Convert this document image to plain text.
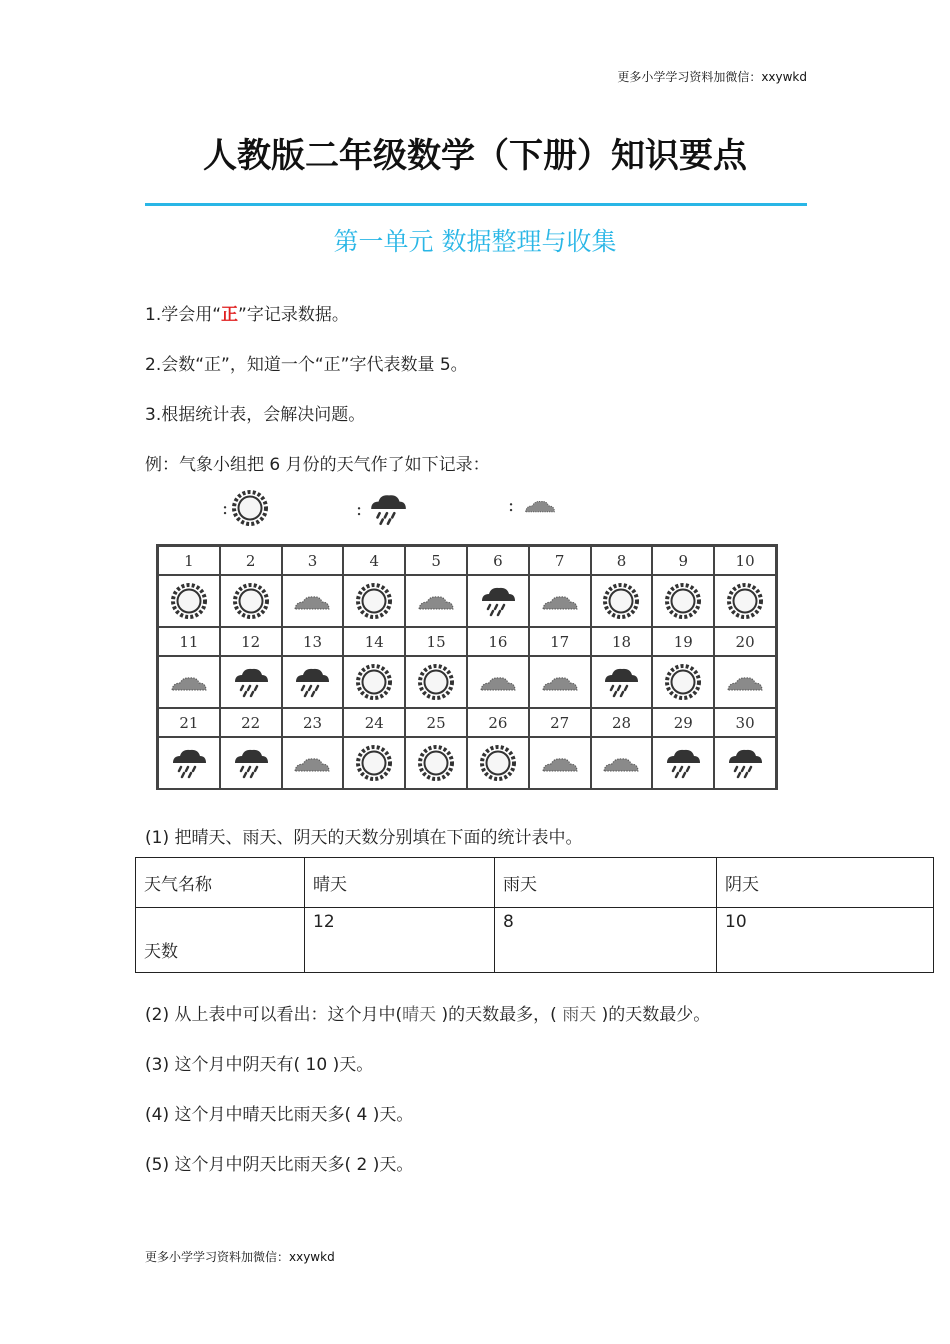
更多小学学习资料加微信：xxywkd
人教版二年级数学（下册）知识要点
第一单元 数据整理与收集
1.学会用“正”字记录数据。
2.会数“正”，知道一个“正”字代表数量 5。
3.根据统计表，会解决问题。
例：气象小组把 6 月份的天气作了如下记录：
:	:	:
1	2	3	4	5	6	7	8	9	10
11	12	13	14	15	16	17	18	19	20
21	22	23	24	25	26	27	28	29	30
(1) 把晴天、雨天、阴天的天数分别填在下面的统计表中。
天气名称	晴天	雨天	阴天
天数	12	8	10
(2) 从上表中可以看出：这个月中(晴天 )的天数最多，( 雨天 )的天数最少。
(3) 这个月中阴天有( 10 )天。
(4) 这个月中晴天比雨天多( 4 )天。
(5) 这个月中阴天比雨天多( 2 )天。
更多小学学习资料加微信：xxywkd
